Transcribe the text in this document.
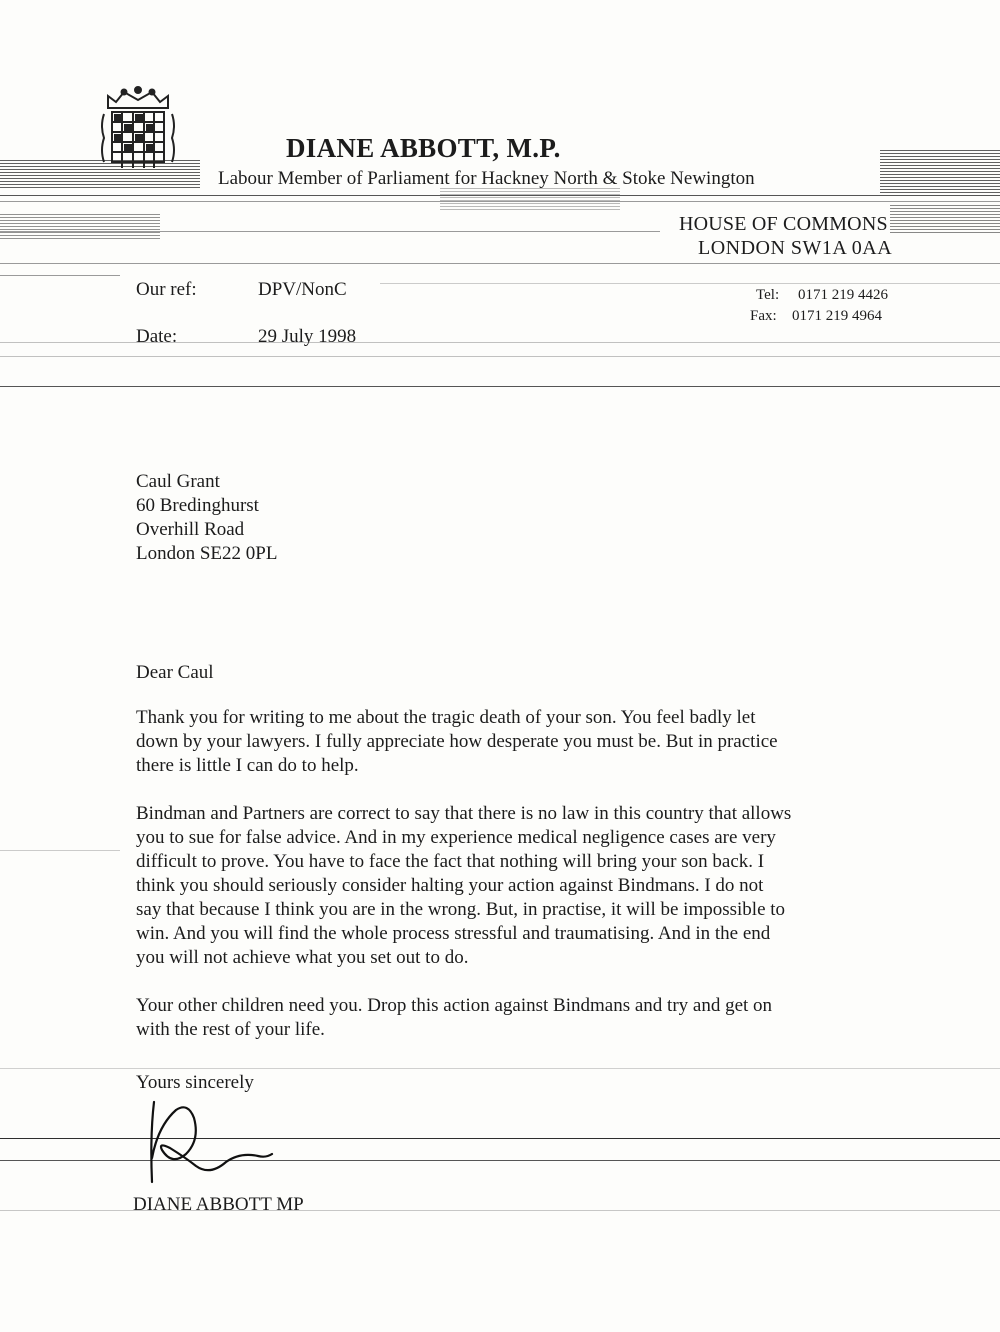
DIANE ABBOTT, M.P.
Labour Member of Parliament for Hackney North & Stoke Newington
HOUSE OF COMMONS
LONDON SW1A 0AA
Our ref:	DPV/NonC
Date:	29 July 1998
Tel: 0171 219 4426
Fax: 0171 219 4964
Caul Grant
60 Bredinghurst
Overhill Road
London SE22 0PL
Dear Caul
Thank you for writing to me about the tragic death of your son. You feel badly let
down by your lawyers. I fully appreciate how desperate you must be. But in practice
there is little I can do to help.
Bindman and Partners are correct to say that there is no law in this country that allows
you to sue for false advice. And in my experience medical negligence cases are very
difficult to prove. You have to face the fact that nothing will bring your son back. I
think you should seriously consider halting your action against Bindmans. I do not
say that because I think you are in the wrong. But, in practise, it will be impossible to
win. And you will find the whole process stressful and traumatising. And in the end
you will not achieve what you set out to do.
Your other children need you. Drop this action against Bindmans and try and get on
with the rest of your life.
Yours sincerely
DIANE ABBOTT MP
